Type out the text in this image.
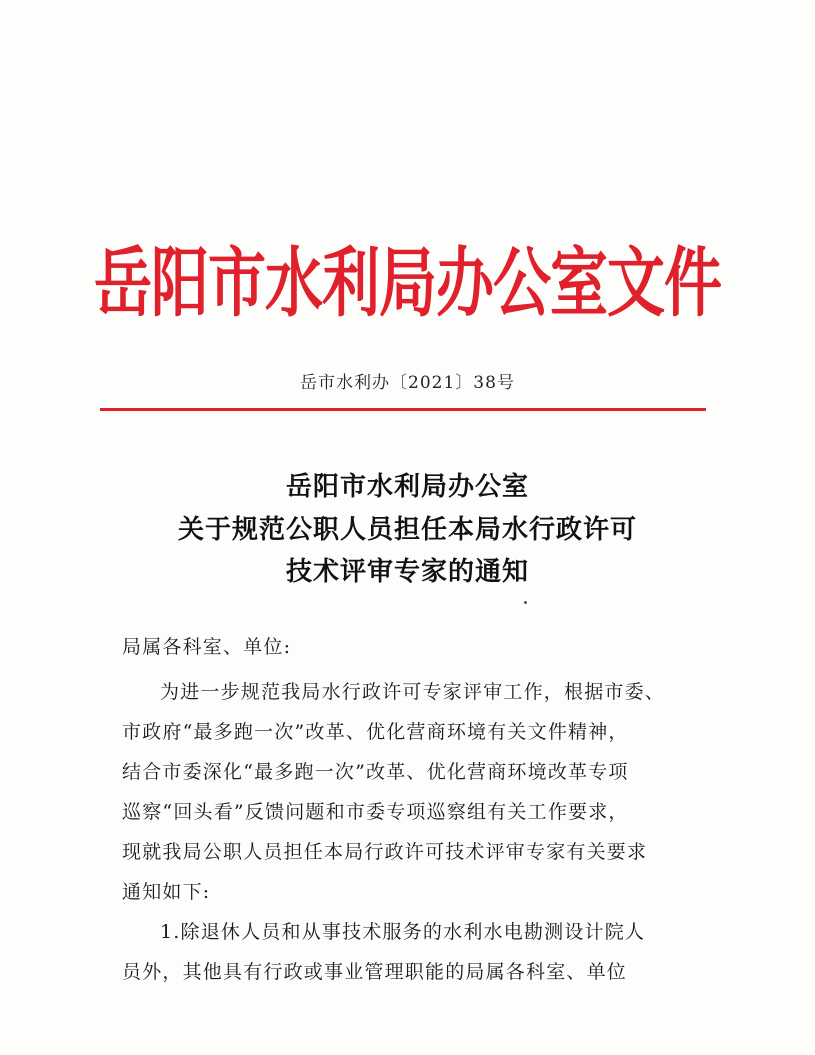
岳阳市水利局办公室文件
岳市水利办〔2021〕38号
岳阳市水利局办公室
关于规范公职人员担任本局水行政许可
技术评审专家的通知
局属各科室、单位:
为进一步规范我局水行政许可专家评审工作，根据市委、
市政府“最多跑一次”改革、优化营商环境有关文件精神，
结合市委深化“最多跑一次”改革、优化营商环境改革专项
巡察“回头看”反馈问题和市委专项巡察组有关工作要求，
现就我局公职人员担任本局行政许可技术评审专家有关要求
通知如下:
1.除退休人员和从事技术服务的水利水电勘测设计院人
员外，其他具有行政或事业管理职能的局属各科室、单位
